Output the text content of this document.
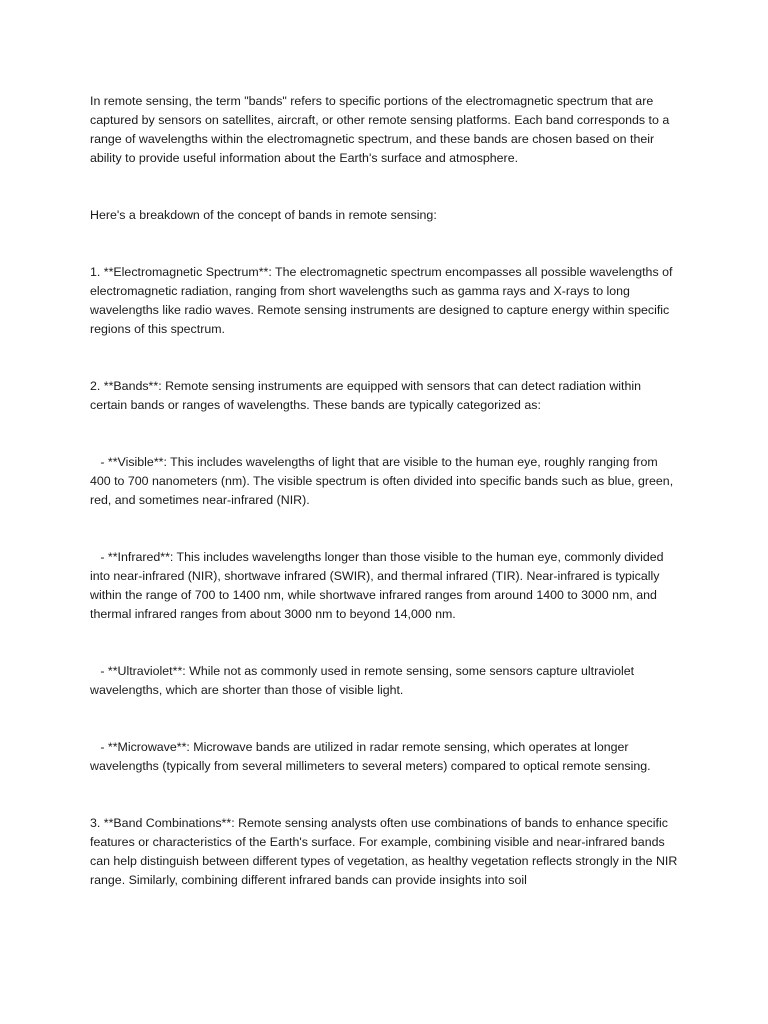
In remote sensing, the term "bands" refers to specific portions of the electromagnetic spectrum that are captured by sensors on satellites, aircraft, or other remote sensing platforms. Each band corresponds to a range of wavelengths within the electromagnetic spectrum, and these bands are chosen based on their ability to provide useful information about the Earth's surface and atmosphere.

Here's a breakdown of the concept of bands in remote sensing:

1. **Electromagnetic Spectrum**: The electromagnetic spectrum encompasses all possible wavelengths of electromagnetic radiation, ranging from short wavelengths such as gamma rays and X-rays to long wavelengths like radio waves. Remote sensing instruments are designed to capture energy within specific regions of this spectrum.

2. **Bands**: Remote sensing instruments are equipped with sensors that can detect radiation within certain bands or ranges of wavelengths. These bands are typically categorized as:

- **Visible**: This includes wavelengths of light that are visible to the human eye, roughly ranging from 400 to 700 nanometers (nm). The visible spectrum is often divided into specific bands such as blue, green, red, and sometimes near-infrared (NIR).

- **Infrared**: This includes wavelengths longer than those visible to the human eye, commonly divided into near-infrared (NIR), shortwave infrared (SWIR), and thermal infrared (TIR). Near-infrared is typically within the range of 700 to 1400 nm, while shortwave infrared ranges from around 1400 to 3000 nm, and thermal infrared ranges from about 3000 nm to beyond 14,000 nm.

- **Ultraviolet**: While not as commonly used in remote sensing, some sensors capture ultraviolet wavelengths, which are shorter than those of visible light.

- **Microwave**: Microwave bands are utilized in radar remote sensing, which operates at longer wavelengths (typically from several millimeters to several meters) compared to optical remote sensing.

3. **Band Combinations**: Remote sensing analysts often use combinations of bands to enhance specific features or characteristics of the Earth's surface. For example, combining visible and near-infrared bands can help distinguish between different types of vegetation, as healthy vegetation reflects strongly in the NIR range. Similarly, combining different infrared bands can provide insights into soil
